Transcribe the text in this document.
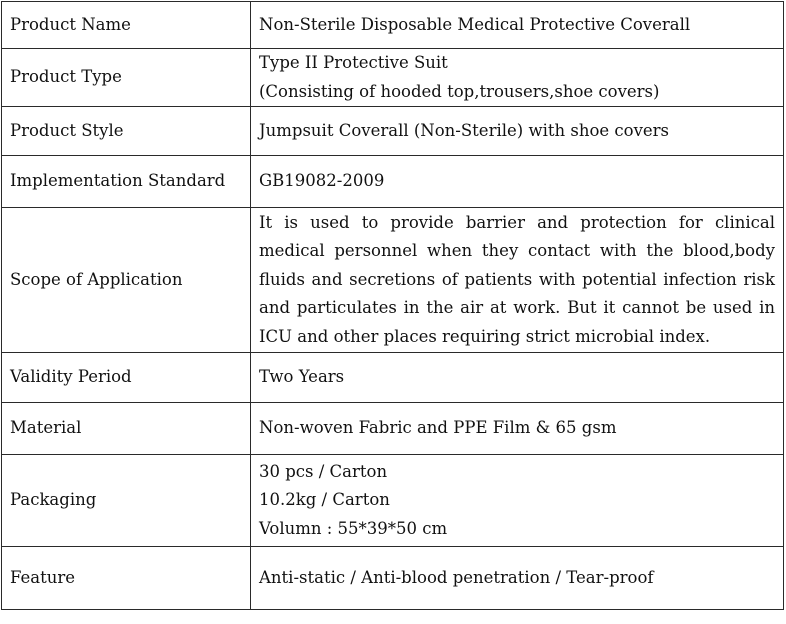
Product Name	Non-Sterile Disposable Medical Protective Coverall

Product Type	Type II Protective Suit
(Consisting of hooded top,trousers,shoe covers)

Product Style	Jumpsuit Coverall (Non-Sterile) with shoe covers

Implementation Standard	GB19082-2009

Scope of Application	It is used to provide barrier and protection for clinical medical personnel when they contact with the blood,body fluids and secretions of patients with potential infection risk and particulates in the air at work. But it cannot be used in ICU and other places requiring strict microbial index.
Validity Period	Two Years

Material	Non-woven Fabric and PPE Film & 65 gsm

Packaging	30 pcs / Carton
10.2kg / Carton
Volumn : 55*39*50 cm

Feature	Anti-static / Anti-blood penetration / Tear-proof
